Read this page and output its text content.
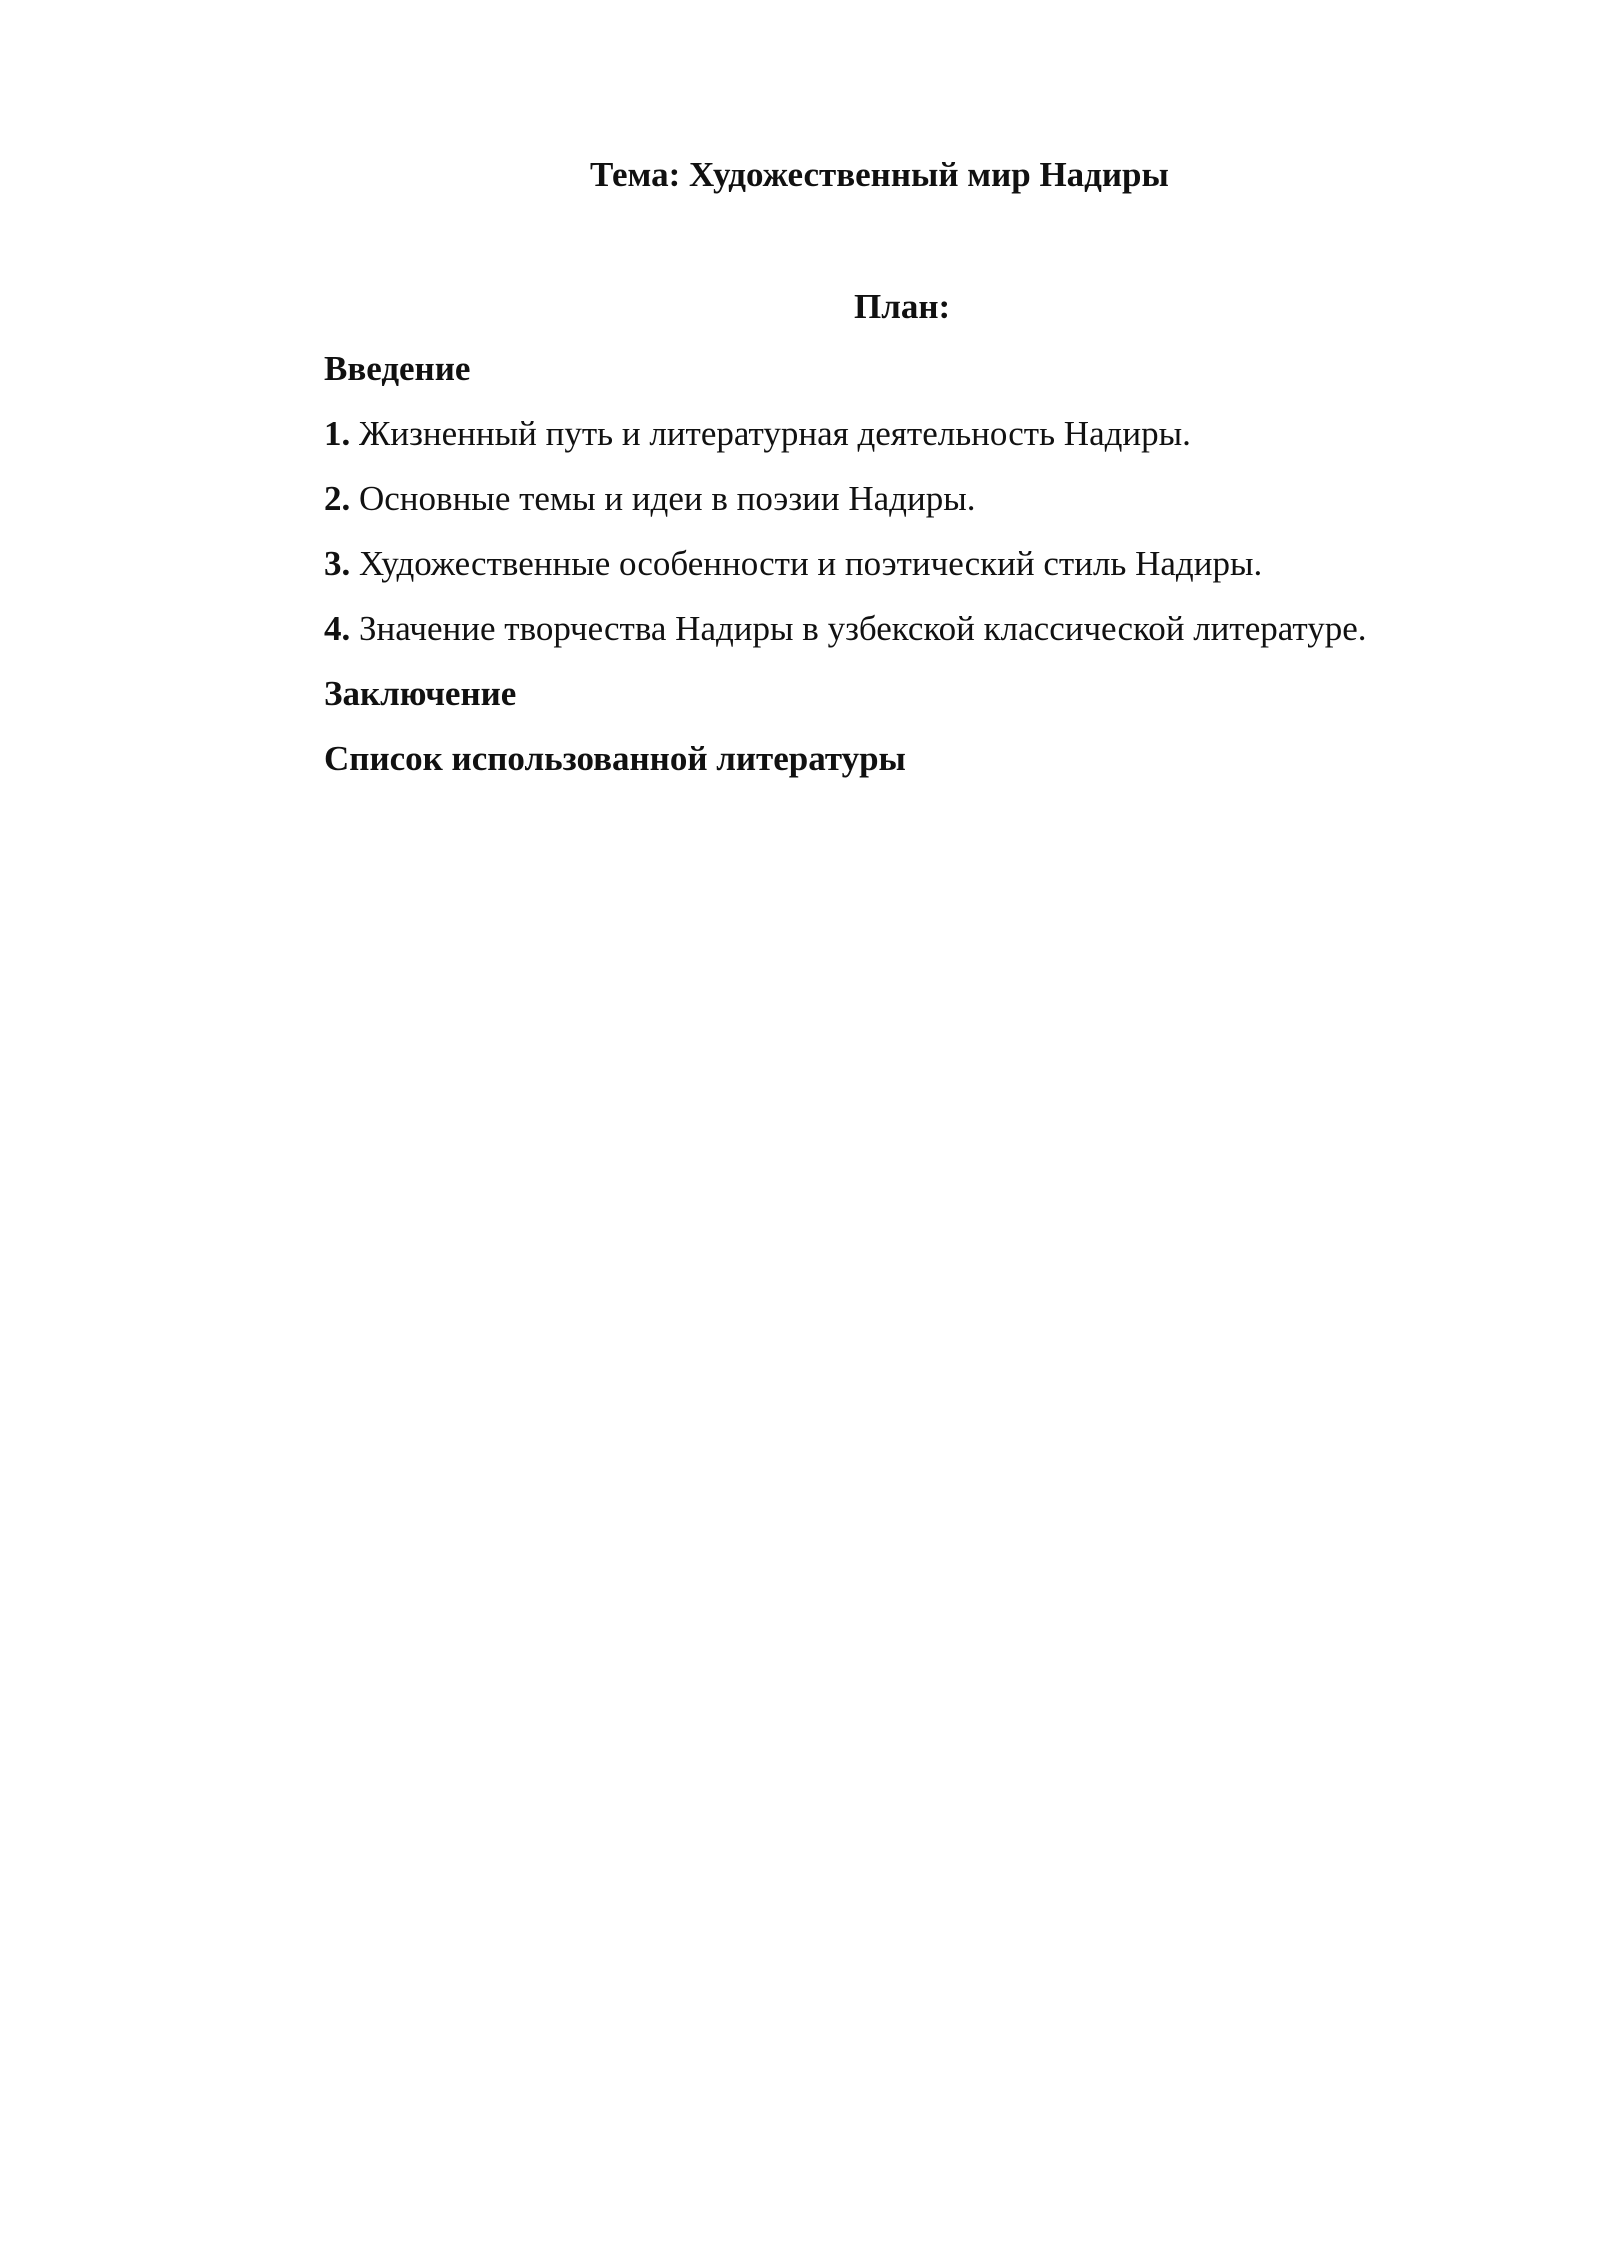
Тема: Художественный мир Надиры
План:
Введение
1. Жизненный путь и литературная деятельность Надиры.
2. Основные темы и идеи в поэзии Надиры.
3. Художественные особенности и поэтический стиль Надиры.
4. Значение творчества Надиры в узбекской классической литературе.
Заключение
Список использованной литературы
